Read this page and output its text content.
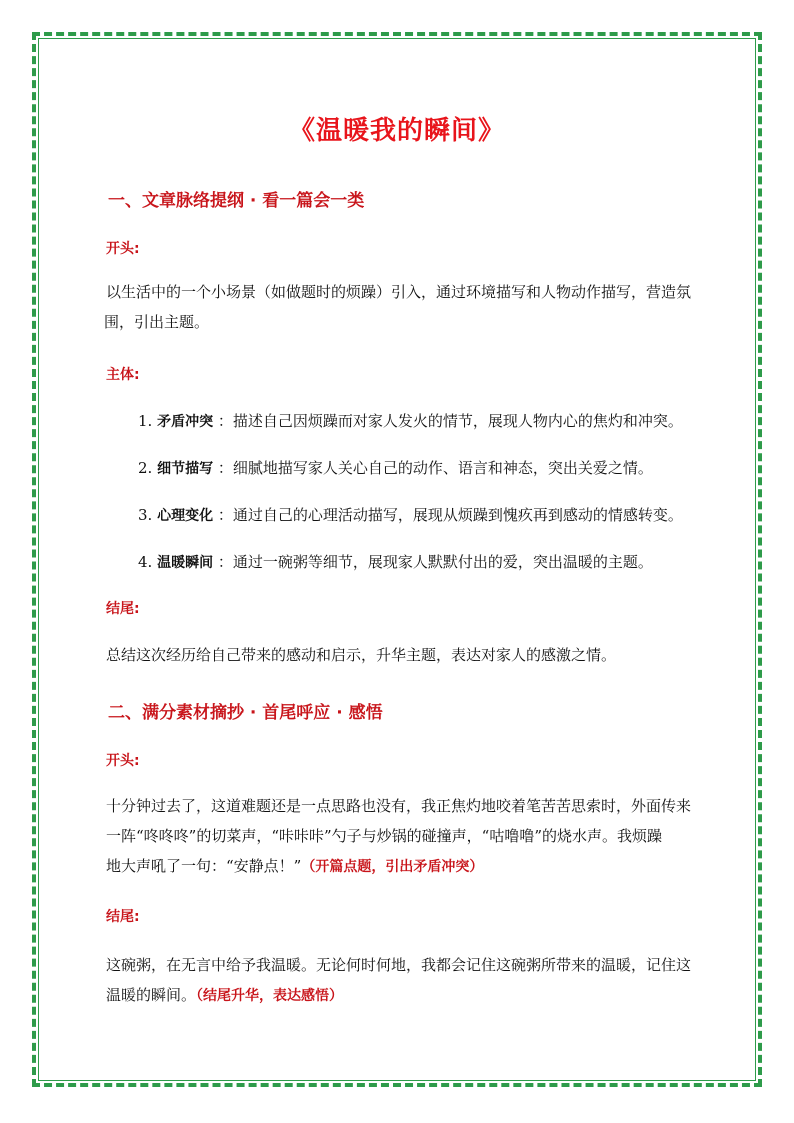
《温暖我的瞬间》
一、文章脉络提纲 · 看一篇会一类
开头:
以生活中的一个小场景（如做题时的烦躁）引入，通过环境描写和人物动作描写，营造氛
围，引出主题。
主体:
1. 矛盾冲突 ：描述自己因烦躁而对家人发火的情节，展现人物内心的焦灼和冲突。
2. 细节描写 ：细腻地描写家人关心自己的动作、语言和神态，突出关爱之情。
3. 心理变化 ：通过自己的心理活动描写，展现从烦躁到愧疚再到感动的情感转变。
4. 温暖瞬间 ：通过一碗粥等细节，展现家人默默付出的爱，突出温暖的主题。
结尾:
总结这次经历给自己带来的感动和启示，升华主题，表达对家人的感激之情。
二、满分素材摘抄 · 首尾呼应 · 感悟
开头:
十分钟过去了，这道难题还是一点思路也没有，我正焦灼地咬着笔苦苦思索时，外面传来
一阵“咚咚咚”的切菜声，“咔咔咔”勺子与炒锅的碰撞声，“咕噜噜”的烧水声。我烦躁
地大声吼了一句：“安静点！”（开篇点题，引出矛盾冲突）
结尾:
这碗粥，在无言中给予我温暖。无论何时何地，我都会记住这碗粥所带来的温暖，记住这
温暖的瞬间。（结尾升华，表达感悟）
